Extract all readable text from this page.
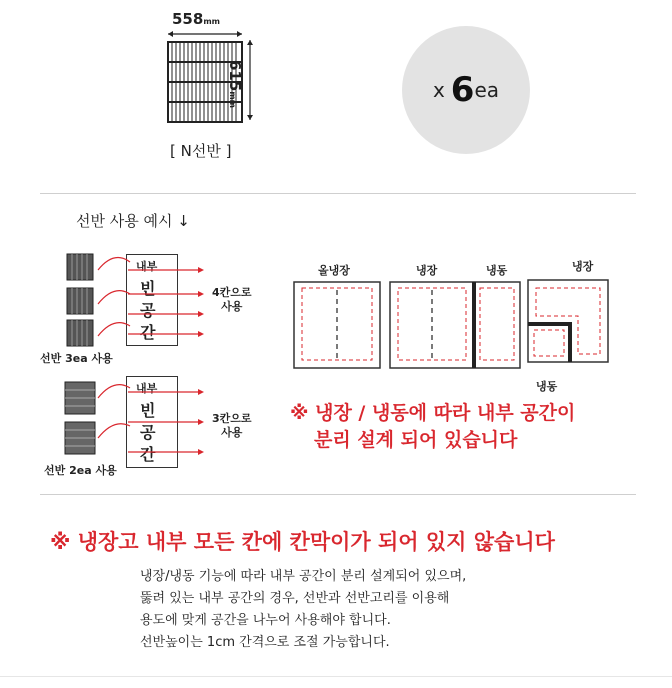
558mm
615mm
[ N선반 ]
x 6 ea
선반 사용 예시 ↓
내부
빈
공
간
4칸으로
사용
선반 3ea 사용
내부
빈
공
간
3칸으로
사용
선반 2ea 사용
올냉장	냉장	냉동	냉장
냉동
※ 냉장 / 냉동에 따라 내부 공간이
분리 설계 되어 있습니다
※ 냉장고 내부 모든 칸에 칸막이가 되어 있지 않습니다
냉장/냉동 기능에 따라 내부 공간이 분리 설계되어 있으며,
뚫려 있는 내부 공간의 경우, 선반과 선반고리를 이용해
용도에 맞게 공간을 나누어 사용해야 합니다.
선반높이는 1cm 간격으로 조절 가능합니다.
